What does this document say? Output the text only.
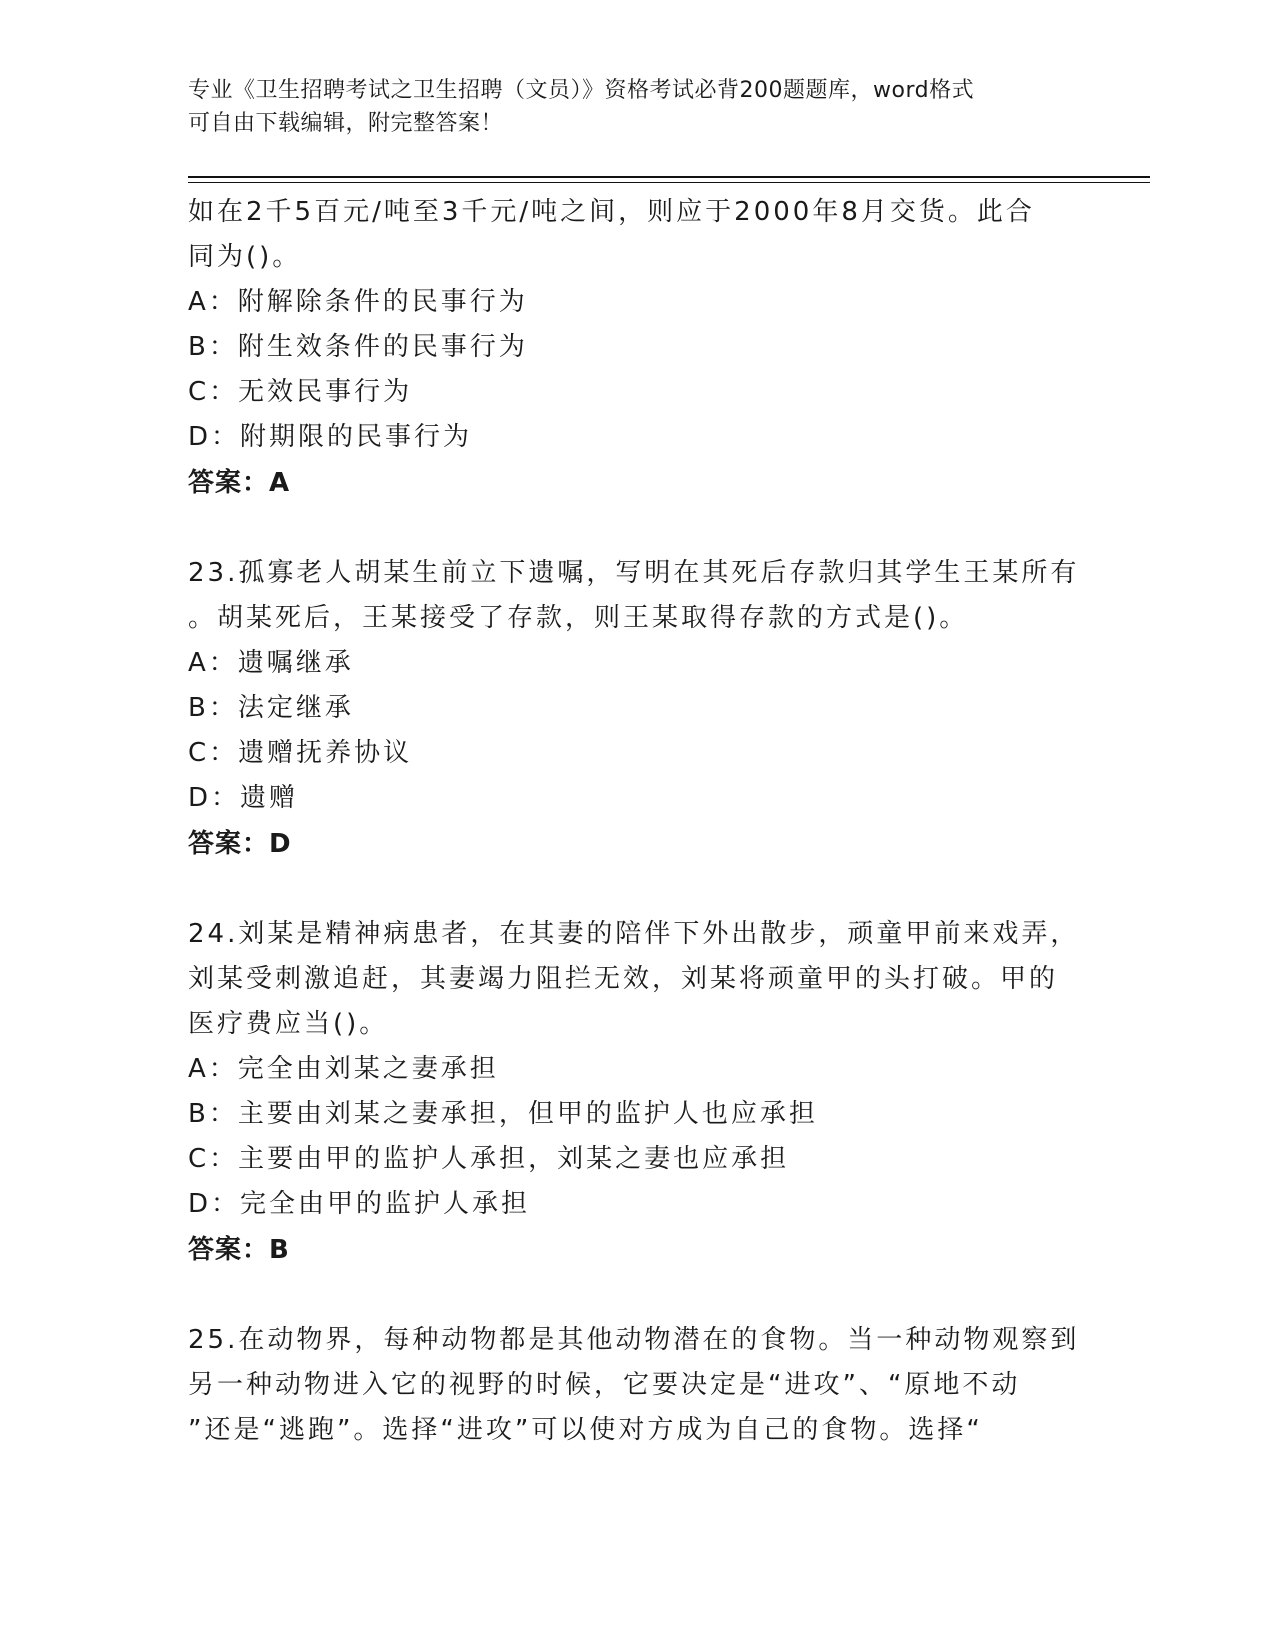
专业《卫生招聘考试之卫生招聘（文员）》资格考试必背200题题库，word格式
可自由下载编辑，附完整答案！
如在2千5百元/吨至3千元/吨之间，则应于2000年8月交货。此合
同为()。
A：附解除条件的民事行为
B：附生效条件的民事行为
C：无效民事行为
D：附期限的民事行为
答案：A
23.孤寡老人胡某生前立下遗嘱，写明在其死后存款归其学生王某所有
。胡某死后，王某接受了存款，则王某取得存款的方式是()。
A：遗嘱继承
B：法定继承
C：遗赠抚养协议
D：遗赠
答案：D
24.刘某是精神病患者，在其妻的陪伴下外出散步，顽童甲前来戏弄，
刘某受刺激追赶，其妻竭力阻拦无效，刘某将顽童甲的头打破。甲的
医疗费应当()。
A：完全由刘某之妻承担
B：主要由刘某之妻承担，但甲的监护人也应承担
C：主要由甲的监护人承担，刘某之妻也应承担
D：完全由甲的监护人承担
答案：B
25.在动物界，每种动物都是其他动物潜在的食物。当一种动物观察到
另一种动物进入它的视野的时候，它要决定是“进攻”、“原地不动
”还是“逃跑”。选择“进攻”可以使对方成为自己的食物。选择“
